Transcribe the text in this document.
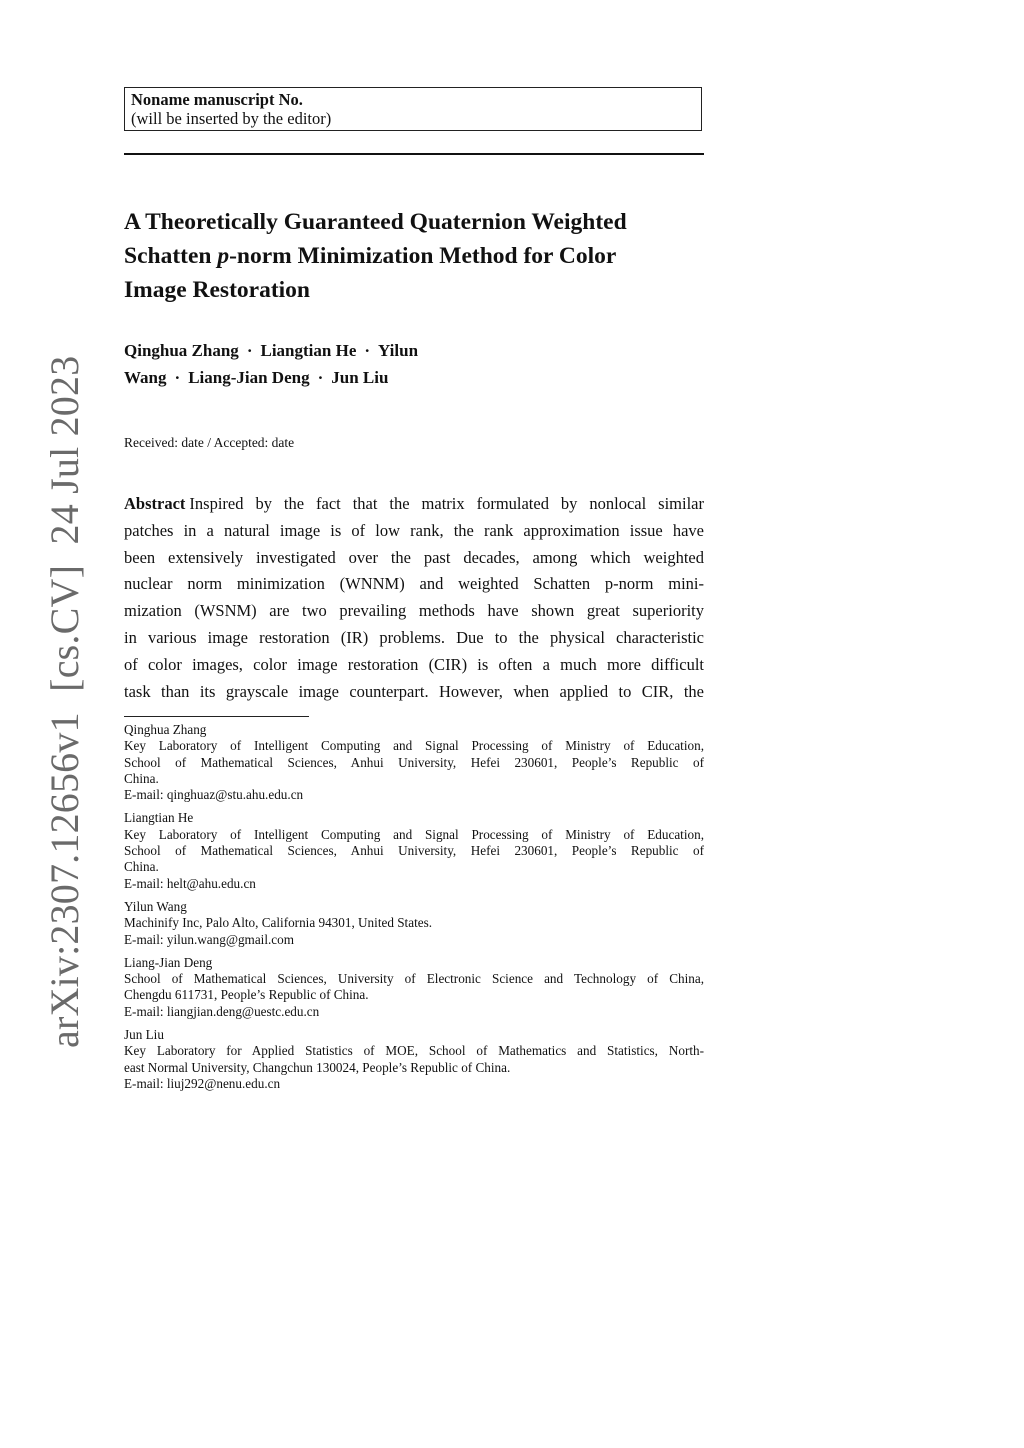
Noname manuscript No.
(will be inserted by the editor)
A Theoretically Guaranteed Quaternion Weighted
Schatten p-norm Minimization Method for Color
Image Restoration
Qinghua Zhang · Liangtian He · Yilun
Wang · Liang-Jian Deng · Jun Liu
Received: date / Accepted: date
Abstract Inspired by the fact that the matrix formulated by nonlocal similar
patches in a natural image is of low rank, the rank approximation issue have
been extensively investigated over the past decades, among which weighted
nuclear norm minimization (WNNM) and weighted Schatten p-norm mini-
mization (WSNM) are two prevailing methods have shown great superiority
in various image restoration (IR) problems. Due to the physical characteristic
of color images, color image restoration (CIR) is often a much more difficult
task than its grayscale image counterpart. However, when applied to CIR, the
Qinghua Zhang
Key Laboratory of Intelligent Computing and Signal Processing of Ministry of Education,
School of Mathematical Sciences, Anhui University, Hefei 230601, People’s Republic of
China.
E-mail: qinghuaz@stu.ahu.edu.cn
Liangtian He
Key Laboratory of Intelligent Computing and Signal Processing of Ministry of Education,
School of Mathematical Sciences, Anhui University, Hefei 230601, People’s Republic of
China.
E-mail: helt@ahu.edu.cn
Yilun Wang
Machinify Inc, Palo Alto, California 94301, United States.
E-mail: yilun.wang@gmail.com
Liang-Jian Deng
School of Mathematical Sciences, University of Electronic Science and Technology of China,
Chengdu 611731, People’s Republic of China.
E-mail: liangjian.deng@uestc.edu.cn
Jun Liu
Key Laboratory for Applied Statistics of MOE, School of Mathematics and Statistics, North-
east Normal University, Changchun 130024, People’s Republic of China.
E-mail: liuj292@nenu.edu.cn
arXiv:2307.12656v1  [cs.CV]  24 Jul 2023
